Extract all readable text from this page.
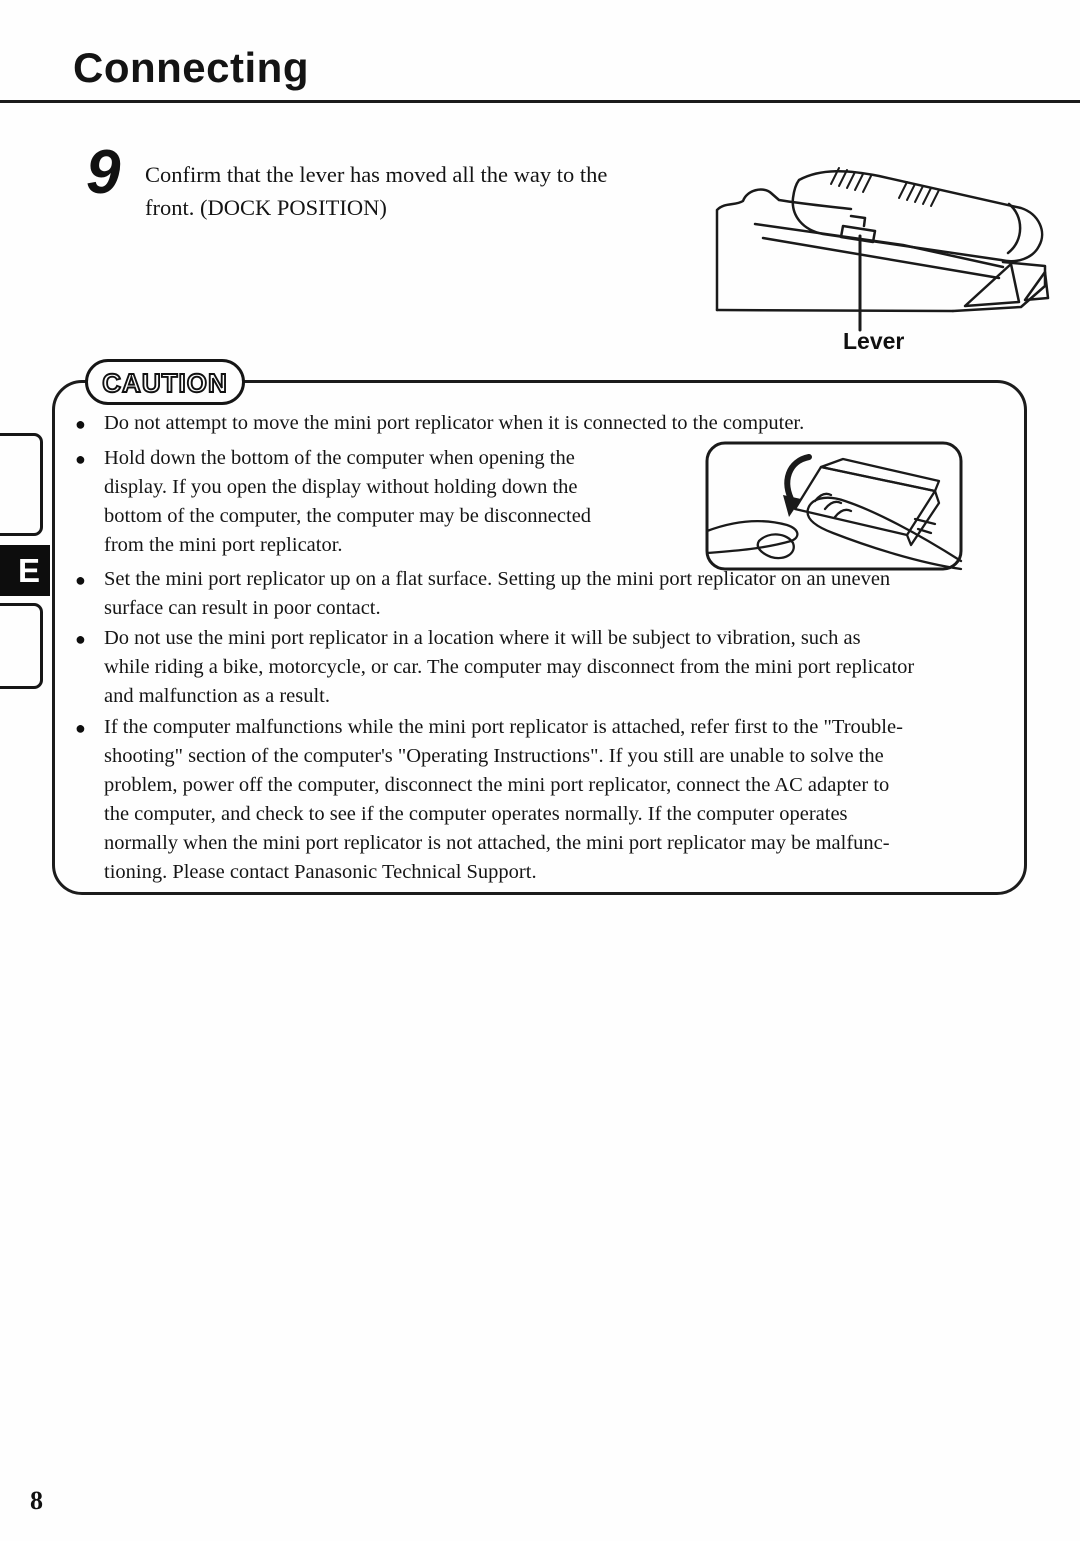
Connecting
9 Confirm that the lever has moved all the way to the
front. (DOCK POSITION)
Lever
E
CAUTION
● Do not attempt to move the mini port replicator when it is connected to the computer.
● Hold down the bottom of the computer when opening the
display. If you open the display without holding down the
bottom of the computer, the computer may be disconnected
from the mini port replicator.
● Set the mini port replicator up on a flat surface. Setting up the mini port replicator on an uneven
surface can result in poor contact.
● Do not use the mini port replicator in a location where it will be subject to vibration, such as
while riding a bike, motorcycle, or car. The computer may disconnect from the mini port replicator
and malfunction as a result.
● If the computer malfunctions while the mini port replicator is attached, refer first to the "Trouble-
shooting" section of the computer's "Operating Instructions". If you still are unable to solve the
problem, power off the computer, disconnect the mini port replicator, connect the AC adapter to
the computer, and check to see if the computer operates normally. If the computer operates
normally when the mini port replicator is not attached, the mini port replicator may be malfunc-
tioning. Please contact Panasonic Technical Support.
8
